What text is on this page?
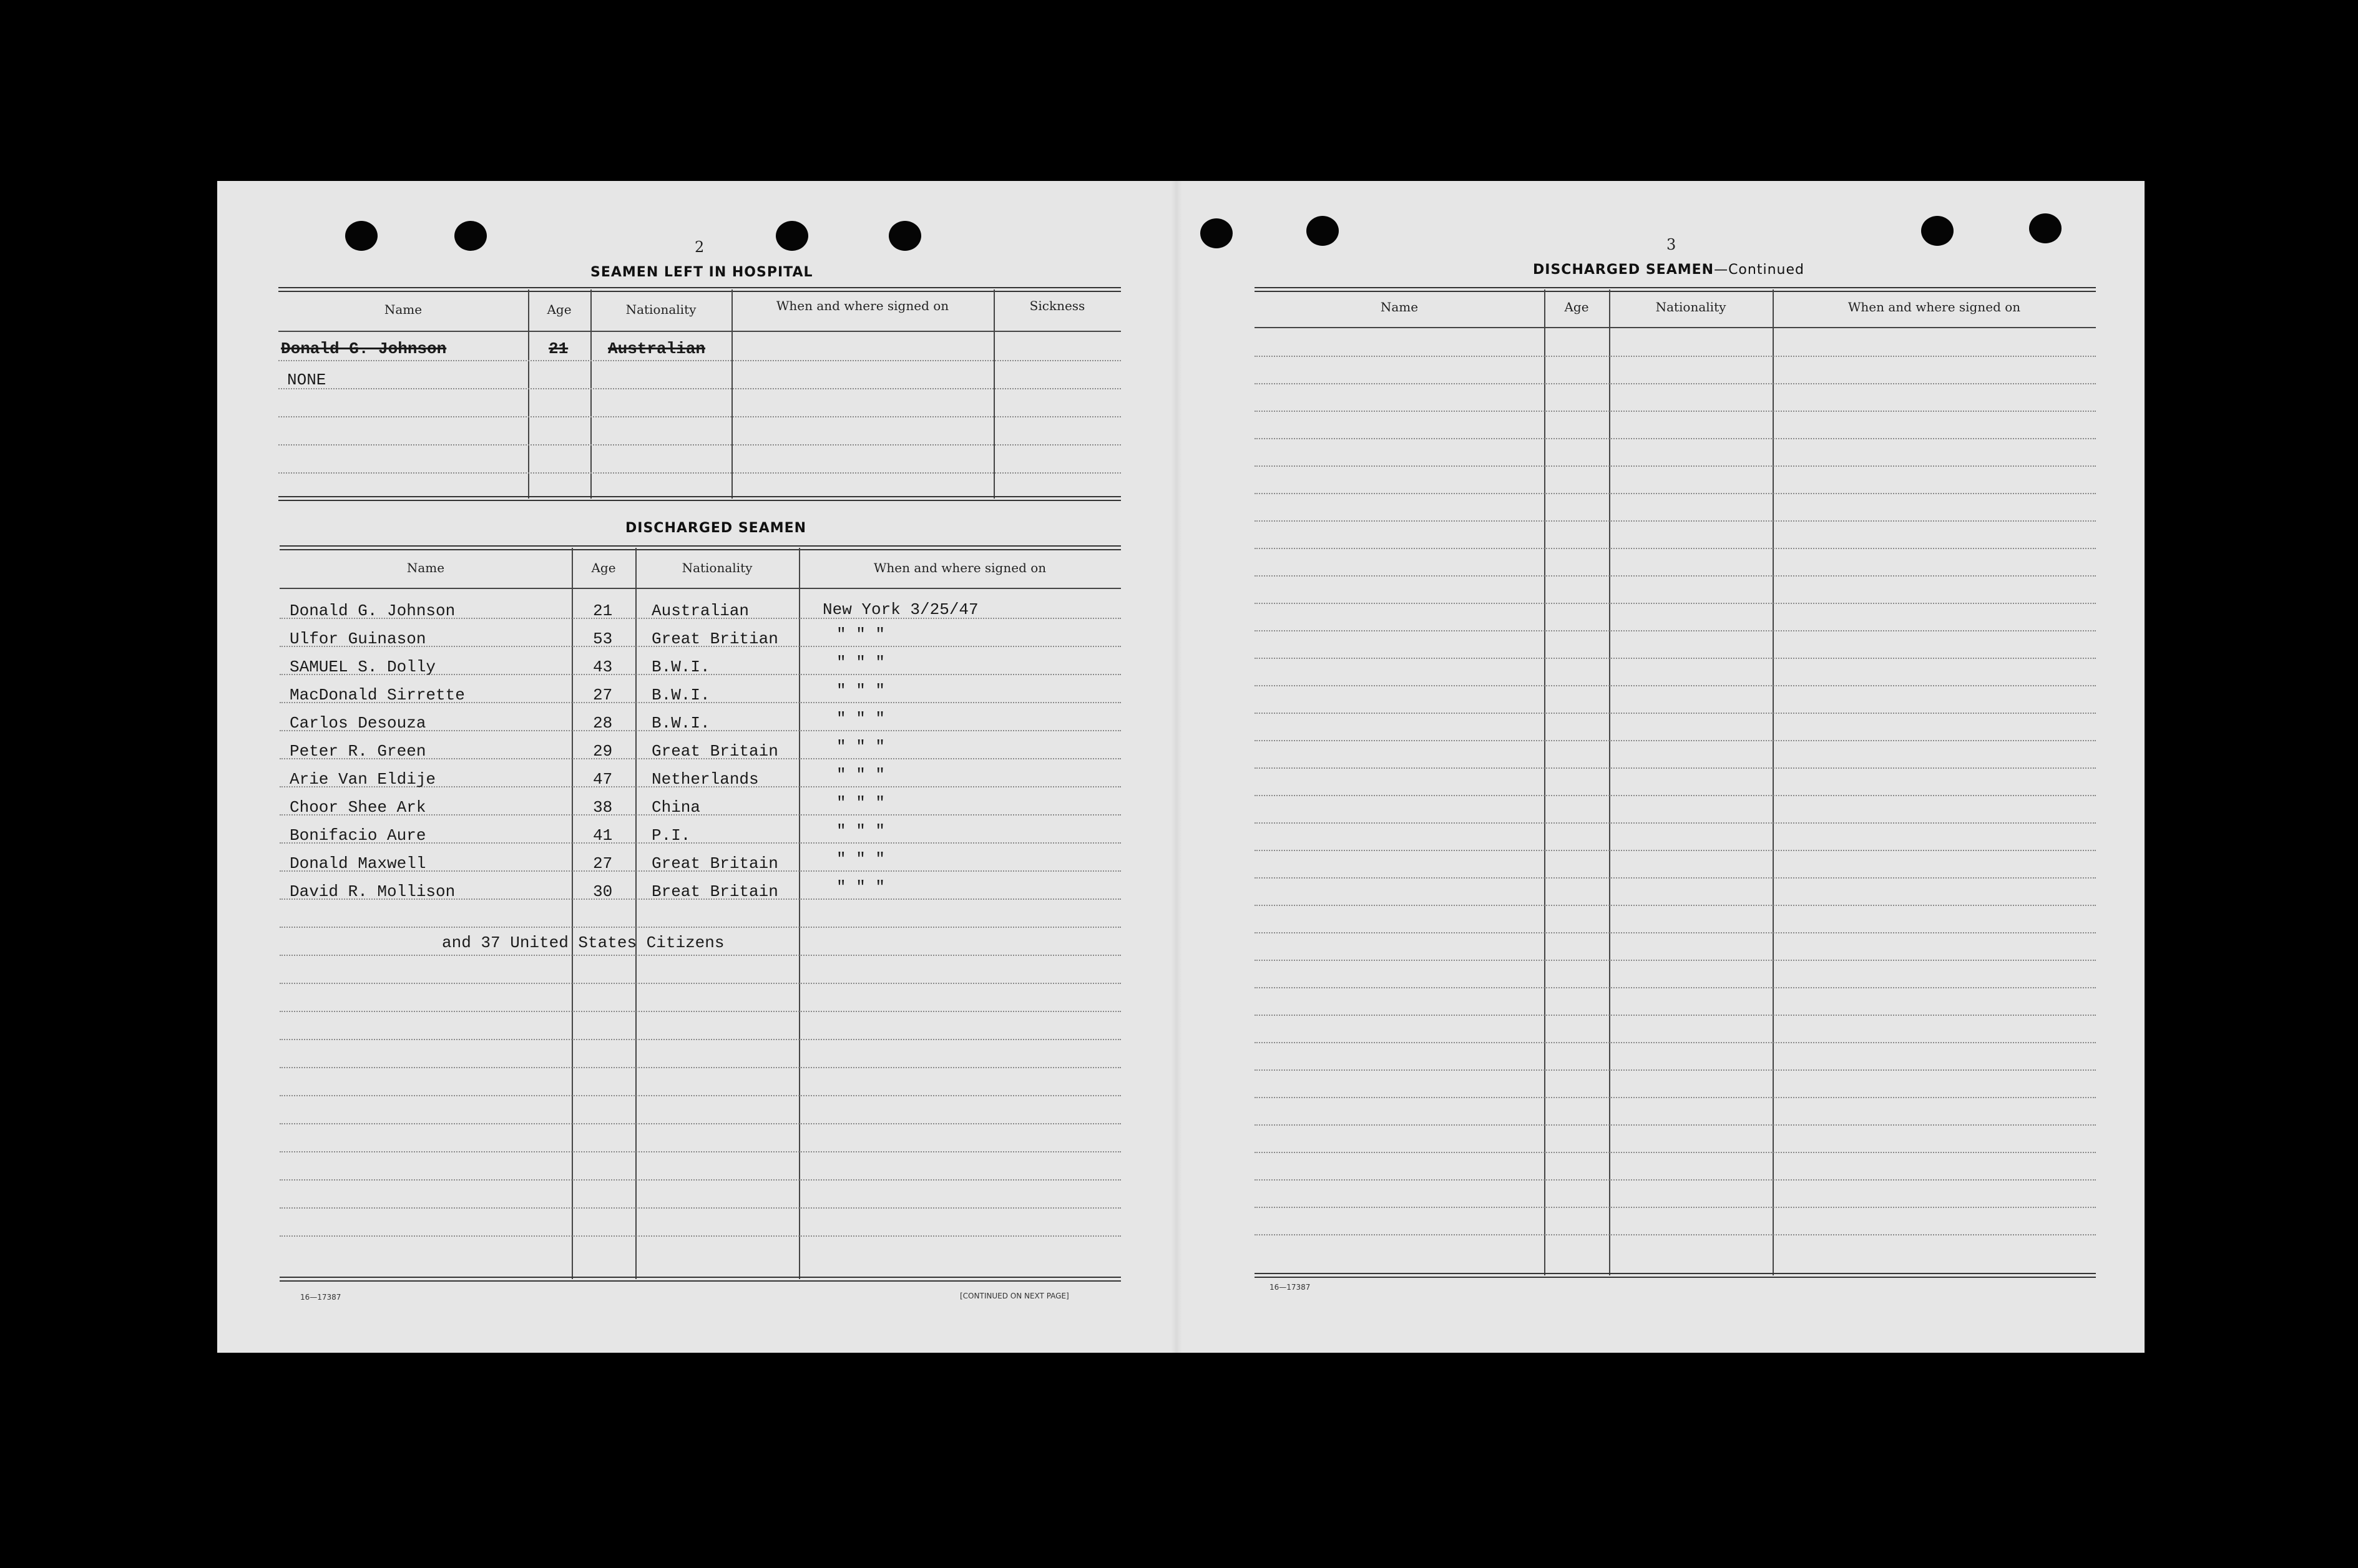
2
SEAMEN LEFT IN HOSPITAL
Name	Age	Nationality	When and where signed on	Sickness
Donald G. Johnson	21 Australian
NONE
DISCHARGED SEAMEN
Name	Age	Nationality	When and where signed on
Donald G. Johnson	21 Australian	New York 3/25/47
Ulfor Guinason	53 Great Britian	" " "
SAMUEL S. Dolly	43 B.W.I.	" " "
MacDonald Sirrette	27 B.W.I.	" " "
Carlos Desouza	28 B.W.I.	" " "
Peter R. Green	29 Great Britain	" " "
Arie Van Eldije	47 Netherlands	" " "
Choor Shee Ark	38 China	" " "
Bonifacio Aure	41 P.I.	" " "
Donald Maxwell	27 Great Britain	" " "
David R. Mollison	30 Breat Britain	" " "
and 37 United States Citizens
16—17387	[CONTINUED ON NEXT PAGE]
3
DISCHARGED SEAMEN—Continued
Name	Age	Nationality	When and where signed on
16—17387
